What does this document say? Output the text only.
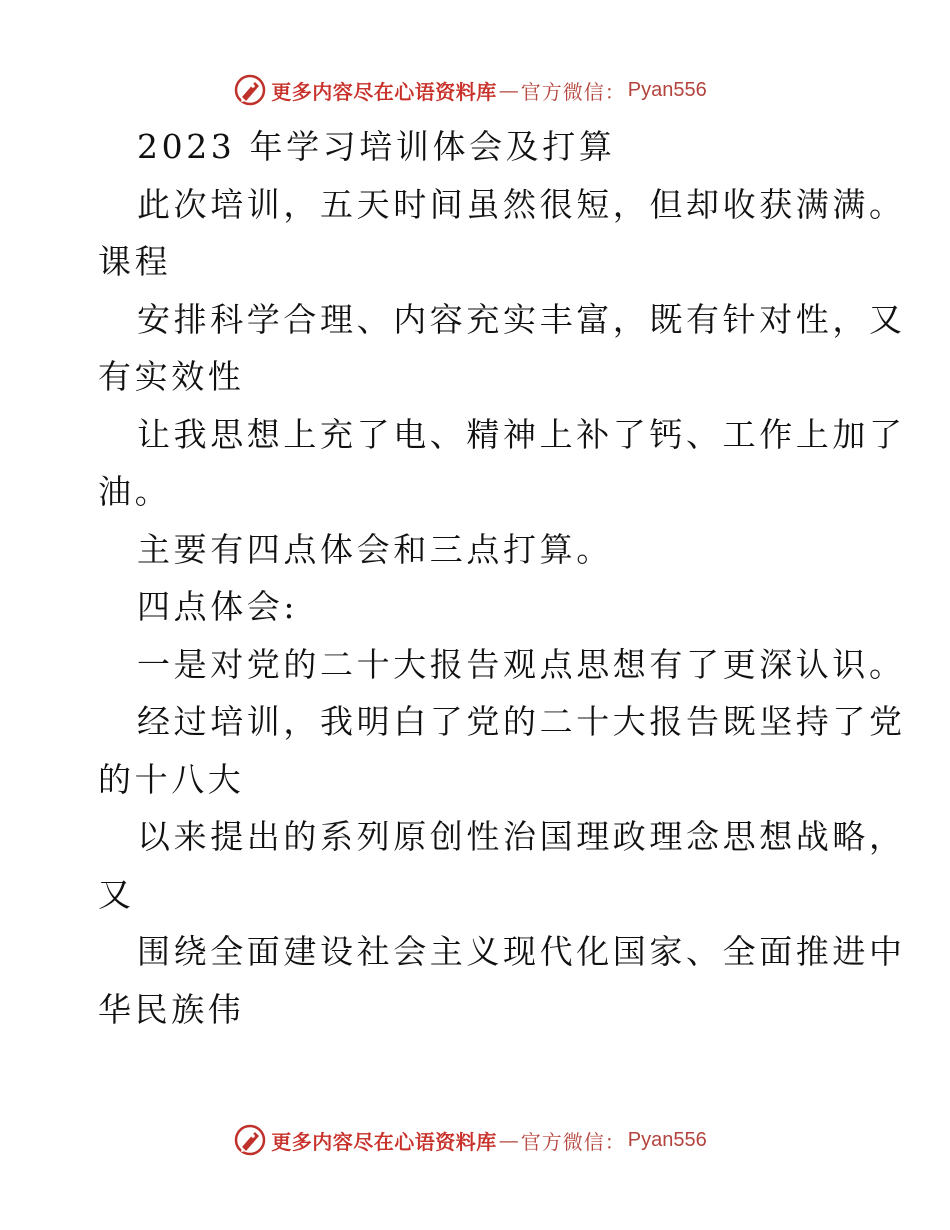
更多内容尽在心语资料库 — 官方微信： Pyan556
2023 年学习培训体会及打算
此次培训，五天时间虽然很短，但却收获满满。
课程
安排科学合理、内容充实丰富，既有针对性，又
有实效性
让我思想上充了电、精神上补了钙、工作上加了
油。
主要有四点体会和三点打算。
四点体会:
一是对党的二十大报告观点思想有了更深认识。
经过培训，我明白了党的二十大报告既坚持了党
的十八大
以来提出的系列原创性治国理政理念思想战略，
又
围绕全面建设社会主义现代化国家、全面推进中
华民族伟
更多内容尽在心语资料库 — 官方微信： Pyan556
